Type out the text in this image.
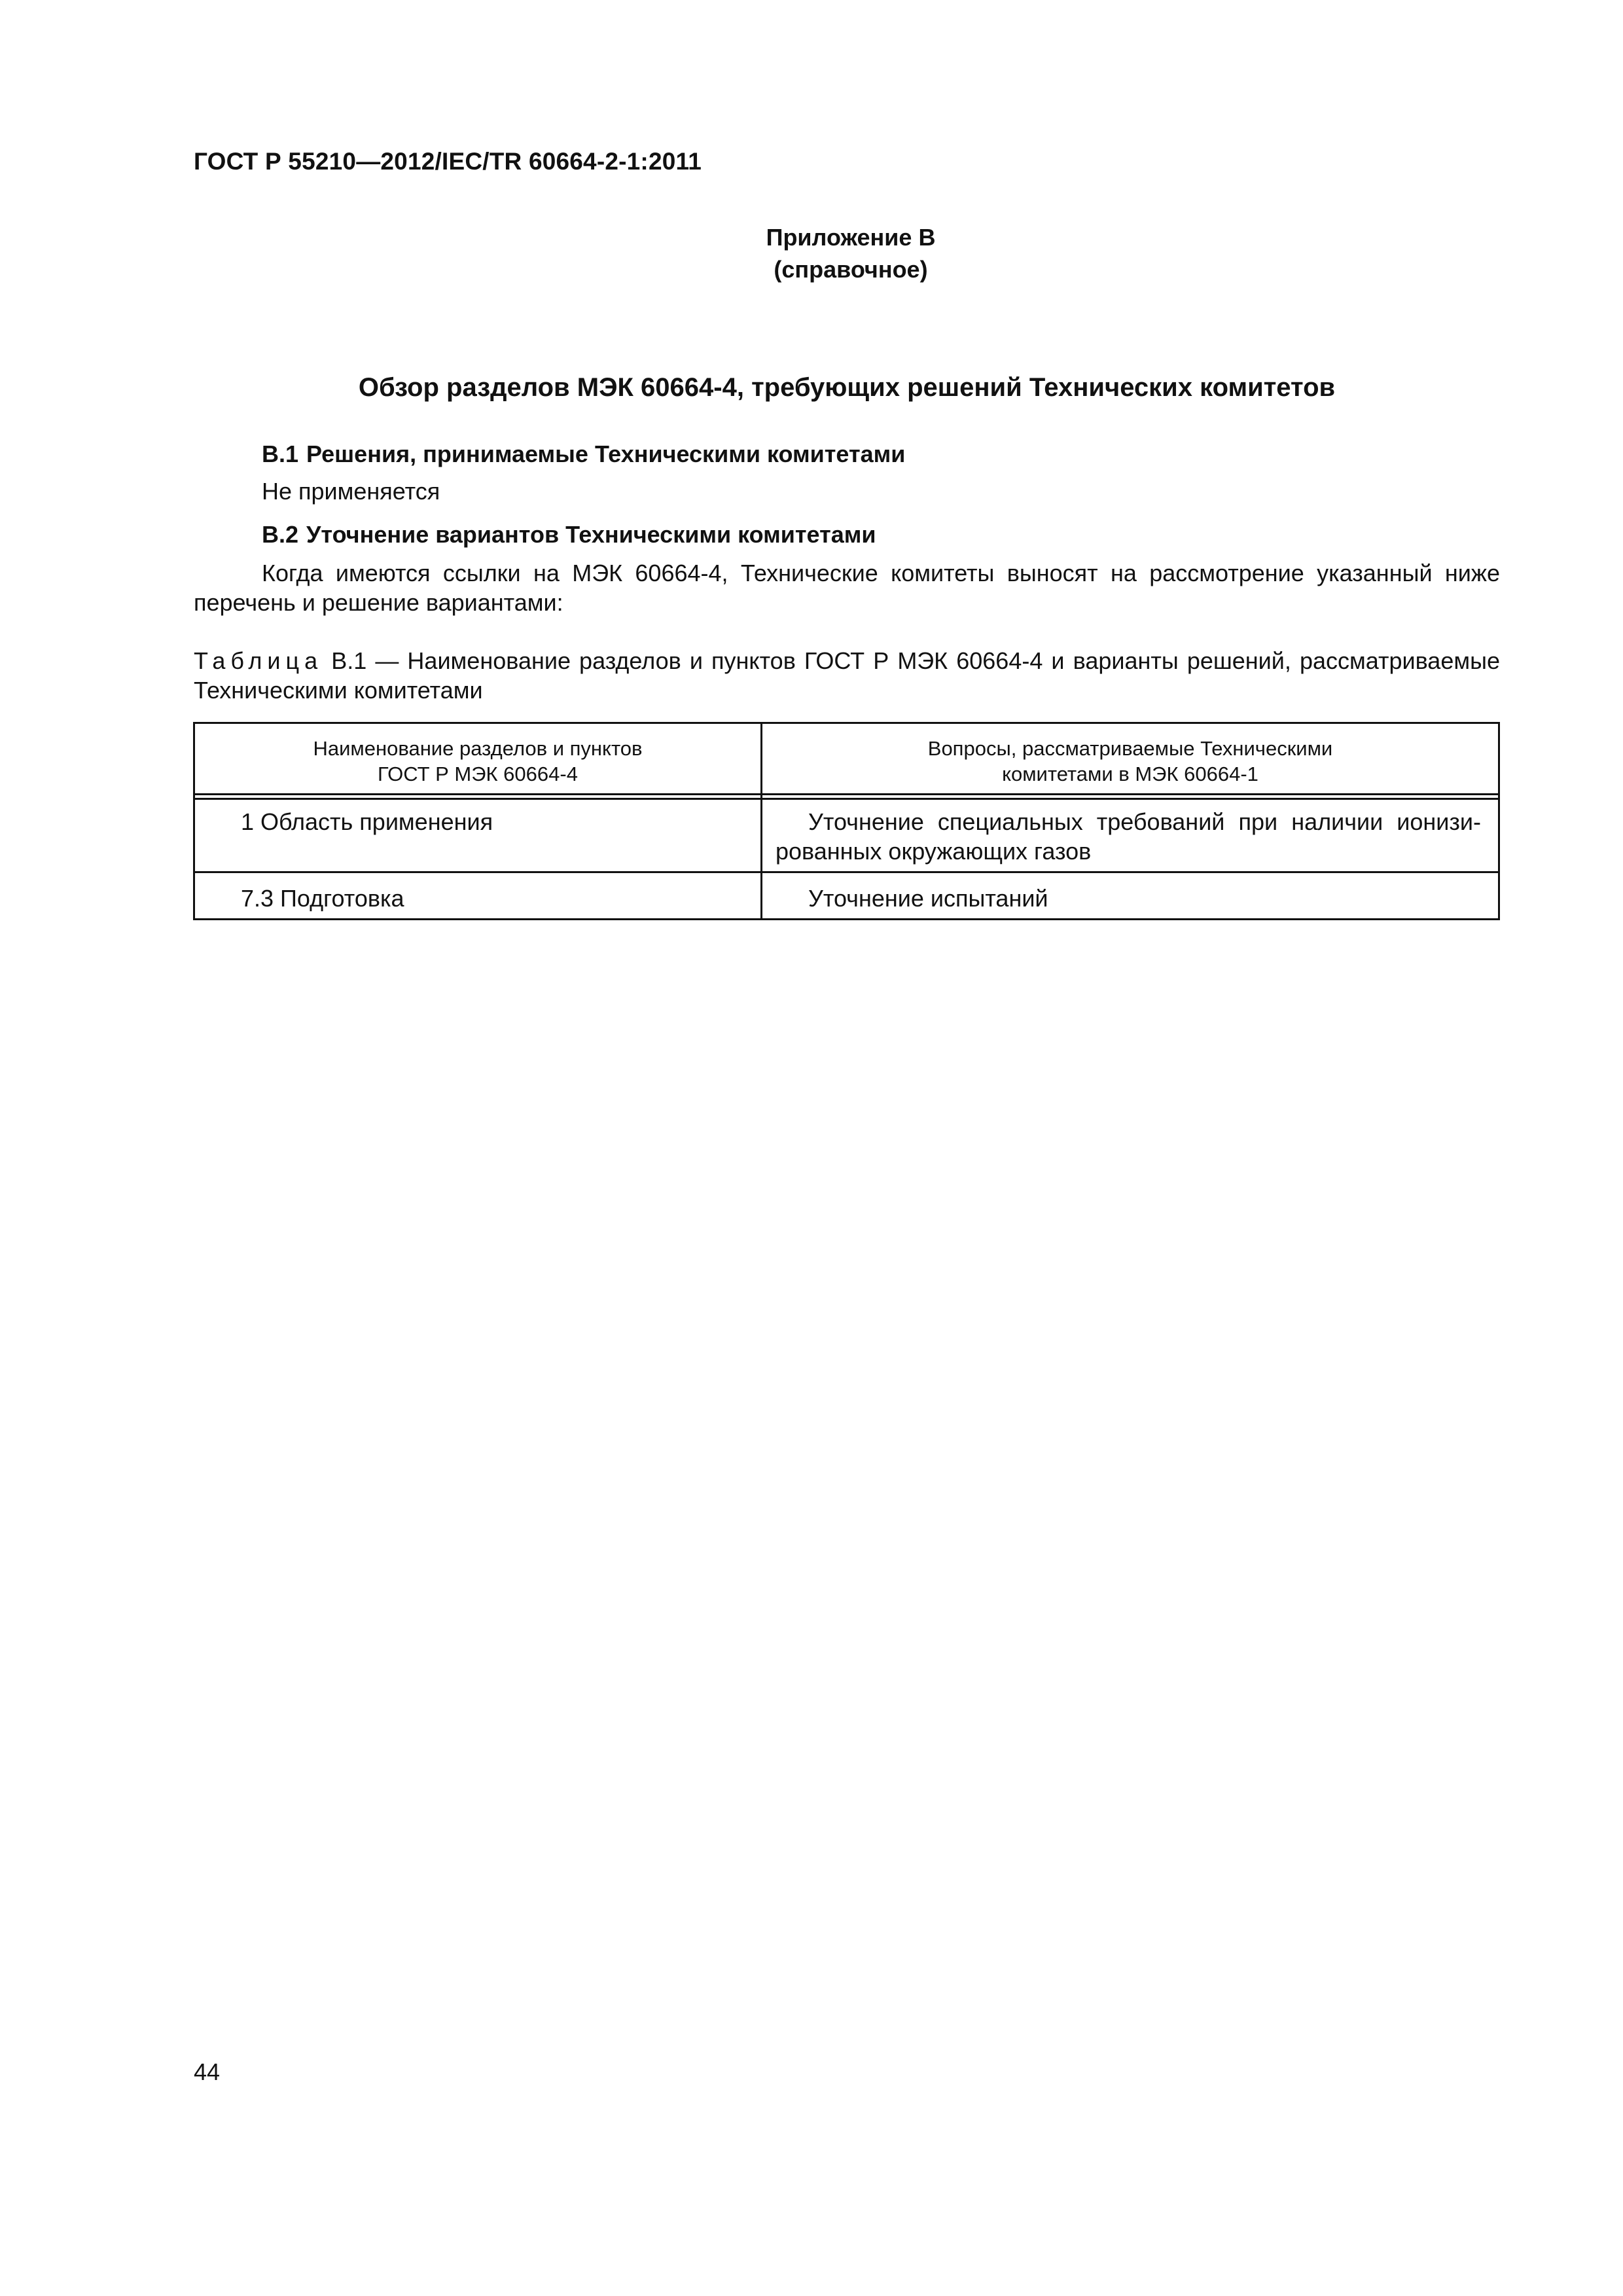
ГОСТ Р 55210—2012/IEC/TR 60664-2-1:2011
Приложение В
(справочное)
Обзор разделов МЭК 60664-4, требующих решений Технических комитетов
В.1 Решения, принимаемые Техническими комитетами
Не применяется
В.2 Уточнение вариантов Техническими комитетами
Когда имеются ссылки на МЭК 60664-4, Технические комитеты выносят на рассмотрение указанный ниже
перечень и решение вариантами:
Таблица В.1 — Наименование разделов и пунктов ГОСТ Р МЭК 60664-4 и варианты решений, рассматриваемые
Техническими комитетами
Наименование разделов и пунктов
ГОСТ Р МЭК 60664-4
Вопросы, рассматриваемые Техническими
комитетами в МЭК 60664-1
1 Область применения	Уточнение специальных требований при наличии ионизи-
рованных окружающих газов
7.3 Подготовка	Уточнение испытаний
44
